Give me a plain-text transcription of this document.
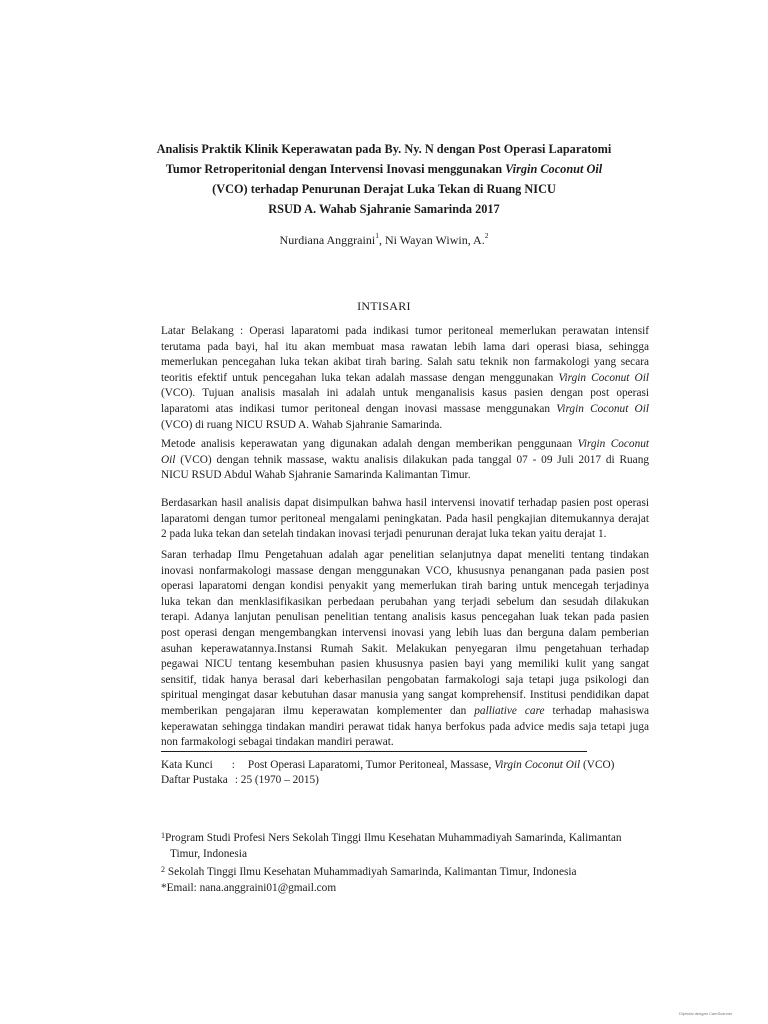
Analisis Praktik Klinik Keperawatan pada By. Ny. N dengan Post Operasi Laparatomi
Tumor Retroperitonial dengan Intervensi Inovasi menggunakan Virgin Coconut Oil
(VCO) terhadap Penurunan Derajat Luka Tekan di Ruang NICU
RSUD A. Wahab Sjahranie Samarinda 2017
Nurdiana Anggraini$^1$, Ni Wayan Wiwin, A.$^2$
INTISARI
Latar Belakang : Operasi laparatomi pada indikasi tumor peritoneal memerlukan perawatan intensif
terutama pada bayi, hal itu akan membuat masa rawatan lebih lama dari operasi biasa, sehingga
memerlukan pencegahan luka tekan akibat tirah baring. Salah satu teknik non farmakologi yang secara
teoritis efektif untuk pencegahan luka tekan adalah massase dengan menggunakan Virgin Coconut Oil
(VCO). Tujuan analisis masalah ini adalah untuk menganalisis kasus pasien dengan post operasi
laparatomi atas indikasi tumor peritoneal dengan inovasi massase menggunakan Virgin Coconut Oil
(VCO) di ruang NICU RSUD A. Wahab Sjahranie Samarinda.
Metode analisis keperawatan yang digunakan adalah dengan memberikan penggunaan Virgin Coconut
Oil (VCO) dengan tehnik massase, waktu analisis dilakukan pada tanggal 07 - 09 Juli 2017 di Ruang
NICU RSUD Abdul Wahab Sjahranie Samarinda Kalimantan Timur.
Berdasarkan hasil analisis dapat disimpulkan bahwa hasil intervensi inovatif terhadap pasien post operasi
laparatomi dengan tumor peritoneal mengalami peningkatan. Pada hasil pengkajian ditemukannya derajat
2 pada luka tekan dan setelah tindakan inovasi terjadi penurunan derajat luka tekan yaitu derajat 1.
Saran terhadap Ilmu Pengetahuan adalah agar penelitian selanjutnya dapat meneliti tentang tindakan
inovasi nonfarmakologi massase dengan menggunakan VCO, khususnya penanganan pada pasien post
operasi laparatomi dengan kondisi penyakit yang memerlukan tirah baring untuk mencegah terjadinya
luka tekan dan menklasifikasikan perbedaan perubahan yang terjadi sebelum dan sesudah dilakukan
terapi. Adanya lanjutan penulisan penelitian tentang analisis kasus pencegahan luak tekan pada pasien
post operasi dengan mengembangkan intervensi inovasi yang lebih luas dan berguna dalam pemberian
asuhan keperawatannya.Instansi Rumah Sakit. Melakukan penyegaran ilmu pengetahuan terhadap
pegawai NICU tentang kesembuhan pasien khususnya pasien bayi yang memiliki kulit yang sangat
sensitif, tidak hanya berasal dari keberhasilan pengobatan farmakologi saja tetapi juga psikologi dan
spiritual mengingat dasar kebutuhan dasar manusia yang sangat komprehensif. Institusi pendidikan dapat
memberikan pengajaran ilmu keperawatan komplementer dan palliative care terhadap mahasiswa
keperawatan sehingga tindakan mandiri perawat tidak hanya berfokus pada advice medis saja tetapi juga
non farmakologi sebagai tindakan mandiri perawat.
Kata Kunci : Post Operasi Laparatomi, Tumor Peritoneal, Massase, Virgin Coconut Oil (VCO)
Daftar Pustaka : 25 (1970 – 2015)
$^1$Program Studi Profesi Ners Sekolah Tinggi Ilmu Kesehatan Muhammadiyah Samarinda, Kalimantan
Timur, Indonesia
$^2$ Sekolah Tinggi Ilmu Kesehatan Muhammadiyah Samarinda, Kalimantan Timur, Indonesia
*Email: nana.anggraini01@gmail.com
Dipindai dengan CamScanner
